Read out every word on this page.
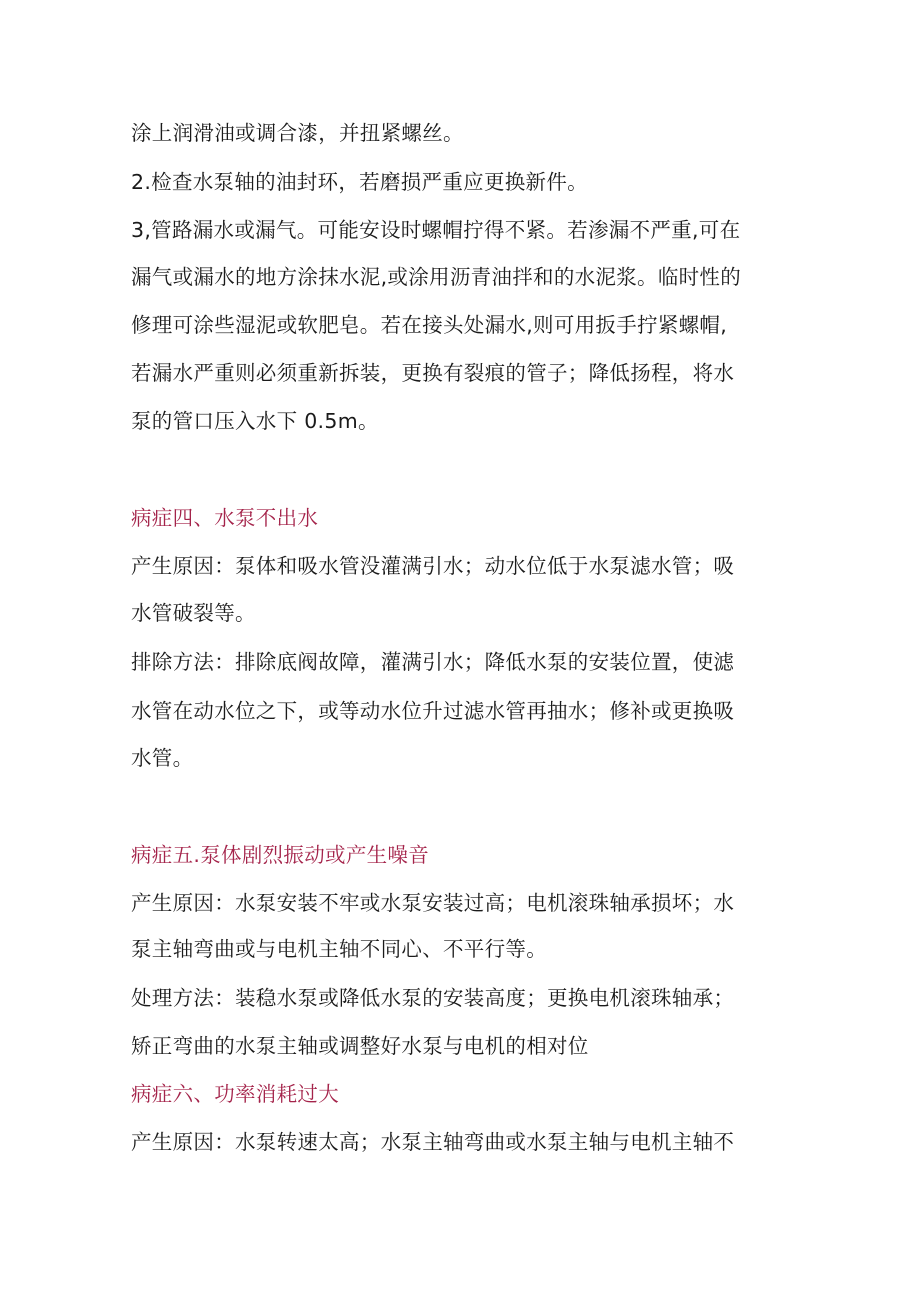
涂上润滑油或调合漆，并扭紧螺丝。
2.检查水泵轴的油封环，若磨损严重应更换新件。
3,管路漏水或漏气。可能安设时螺帽拧得不紧。若渗漏不严重,可在
漏气或漏水的地方涂抹水泥,或涂用沥青油拌和的水泥浆。临时性的
修理可涂些湿泥或软肥皂。若在接头处漏水,则可用扳手拧紧螺帽,
若漏水严重则必须重新拆装，更换有裂痕的管子；降低扬程，将水
泵的管口压入水下 0.5m。
病症四、水泵不出水
产生原因：泵体和吸水管没灌满引水；动水位低于水泵滤水管；吸
水管破裂等。
排除方法：排除底阀故障，灌满引水；降低水泵的安装位置，使滤
水管在动水位之下，或等动水位升过滤水管再抽水；修补或更换吸
水管。
病症五.泵体剧烈振动或产生噪音
产生原因：水泵安装不牢或水泵安装过高；电机滚珠轴承损坏；水
泵主轴弯曲或与电机主轴不同心、不平行等。
处理方法：装稳水泵或降低水泵的安装高度；更换电机滚珠轴承；
矫正弯曲的水泵主轴或调整好水泵与电机的相对位
病症六、功率消耗过大
产生原因：水泵转速太高；水泵主轴弯曲或水泵主轴与电机主轴不
